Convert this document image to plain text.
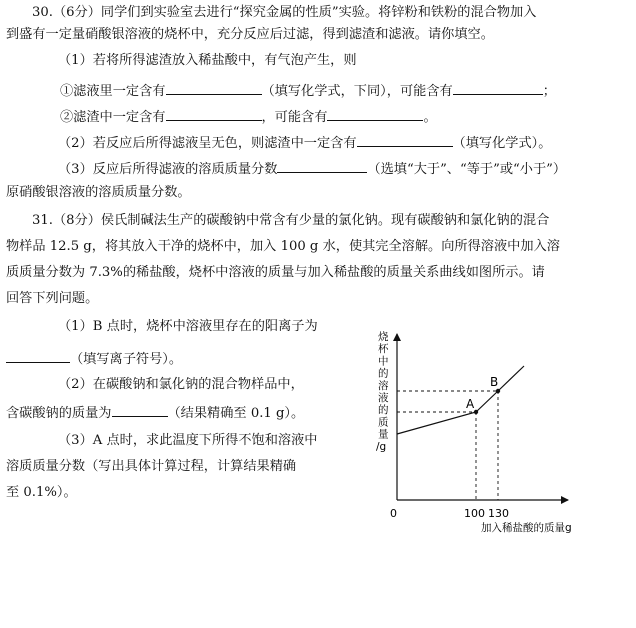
30.（6分）同学们到实验室去进行“探究金属的性质”实验。将锌粉和铁粉的混合物加入
到盛有一定量硝酸银溶液的烧杯中，充分反应后过滤，得到滤渣和滤液。请你填空。
（1）若将所得滤渣放入稀盐酸中，有气泡产生，则
①滤液里一定含有	（填写化学式，下同），可能含有	；
②滤渣中一定含有	，可能含有	。
（2）若反应后所得滤液呈无色，则滤渣中一定含有	（填写化学式）。
（3）反应后所得滤液的溶质质量分数	（选填“大于”、“等于”或“小于”）
原硝酸银溶液的溶质质量分数。
31.（8分）侯氏制碱法生产的碳酸钠中常含有少量的氯化钠。现有碳酸钠和氯化钠的混合
物样品 12.5 g，将其放入干净的烧杯中，加入 100 g 水，使其完全溶解。向所得溶液中加入溶
质质量分数为 7.3%的稀盐酸，烧杯中溶液的质量与加入稀盐酸的质量关系曲线如图所示。请
回答下列问题。
（1）B 点时，烧杯中溶液里存在的阳离子为
（填写离子符号）。
（2）在碳酸钠和氯化钠的混合物样品中，
含碳酸钠的质量为	（结果精确至 0.1 g）。
（3）A 点时，求此温度下所得不饱和溶液中
溶质质量分数（写出具体计算过程，计算结果精确
至 0.1%）。
A
B
0	100 130
加入稀盐酸的质量g
烧
杯
中
的
溶
液
的
质
量
/g
